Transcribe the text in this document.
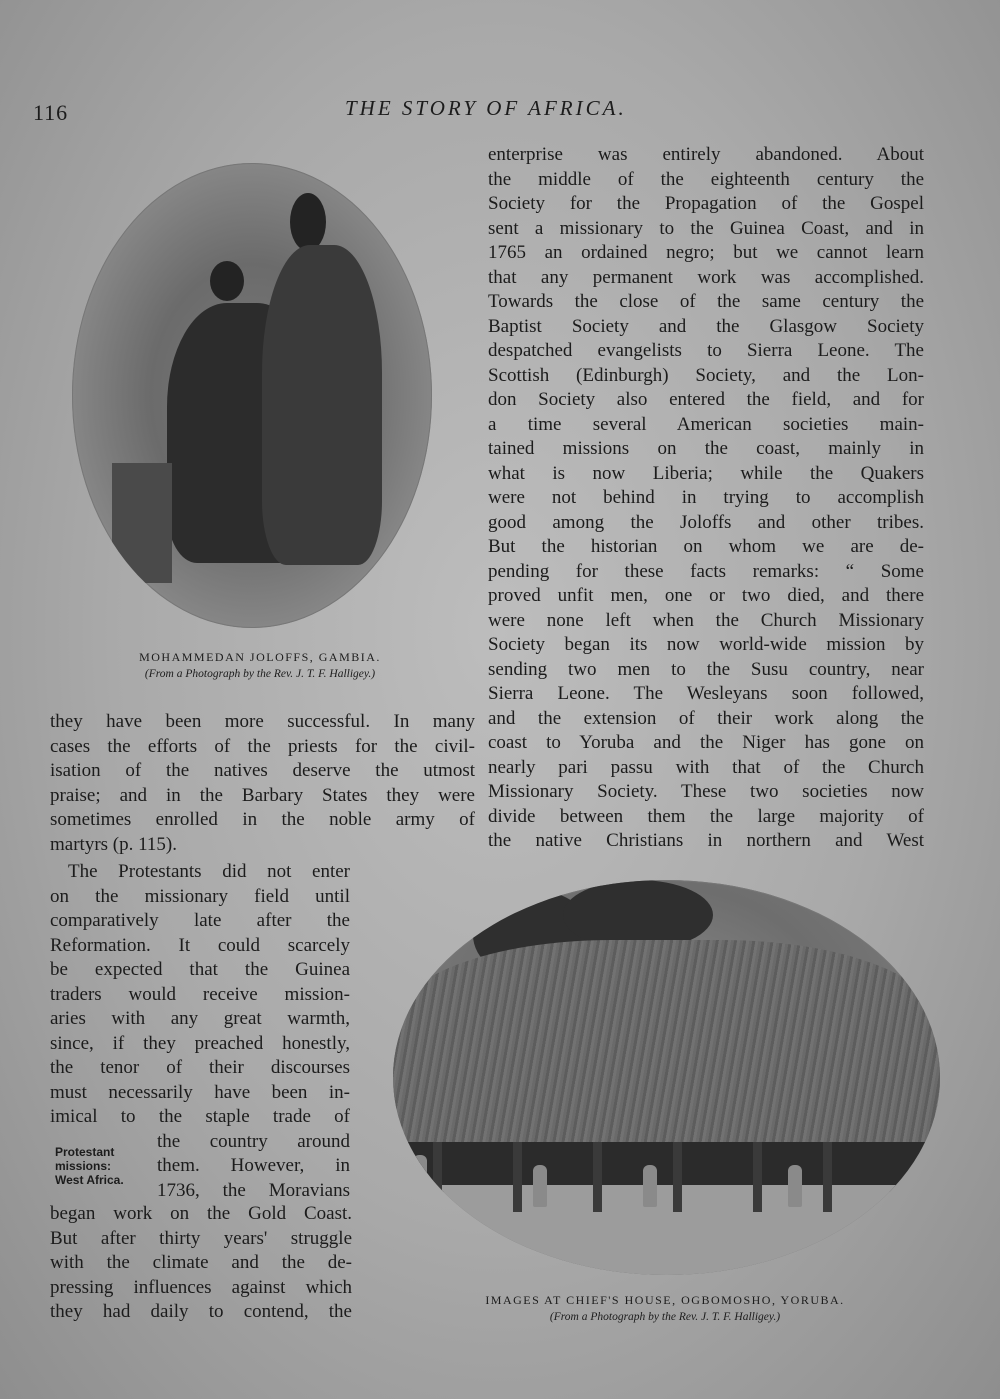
116	THE STORY OF AFRICA.
MOHAMMEDAN JOLOFFS, GAMBIA.
(From a Photograph by the Rev. J. T. F. Halligey.)
enterprise was entirely abandoned. About
the middle of the eighteenth century the
Society for the Propagation of the Gospel
sent a missionary to the Guinea Coast, and in
1765 an ordained negro; but we cannot learn
that any permanent work was accomplished.
Towards the close of the same century the
Baptist Society and the Glasgow Society
despatched evangelists to Sierra Leone. The
Scottish (Edinburgh) Society, and the Lon-
don Society also entered the field, and for
a time several American societies main-
tained missions on the coast, mainly in
what is now Liberia; while the Quakers
were not behind in trying to accomplish
good among the Joloffs and other tribes.
But the historian on whom we are de-
pending for these facts remarks: “ Some
proved unfit men, one or two died, and there
were none left when the Church Missionary
Society began its now world-wide mission by
sending two men to the Susu country, near
Sierra Leone. The Wesleyans soon followed,
and the extension of their work along the
coast to Yoruba and the Niger has gone on
nearly pari passu with that of the Church
Missionary Society. These two societies now
divide between them the large majority of
the native Christians in northern and West
they have been more successful. In many
cases the efforts of the priests for the civil-
isation of the natives deserve the utmost
praise; and in the Barbary States they were
sometimes enrolled in the noble army of
martyrs (p. 115).
The Protestants did not enter
on the missionary field until
comparatively late after the
Reformation. It could scarcely
be expected that the Guinea
traders would receive mission-
aries with any great warmth,
since, if they preached honestly,
the tenor of their discourses
must necessarily have been in-
imical to the staple trade of
the country around
them. However, in
1736, the Moravians
Protestant
missions:
West Africa.
began work on the Gold Coast.
But after thirty years' struggle
with the climate and the de-
pressing influences against which
they had daily to contend, the
IMAGES AT CHIEF'S HOUSE, OGBOMOSHO, YORUBA.
(From a Photograph by the Rev. J. T. F. Halligey.)
